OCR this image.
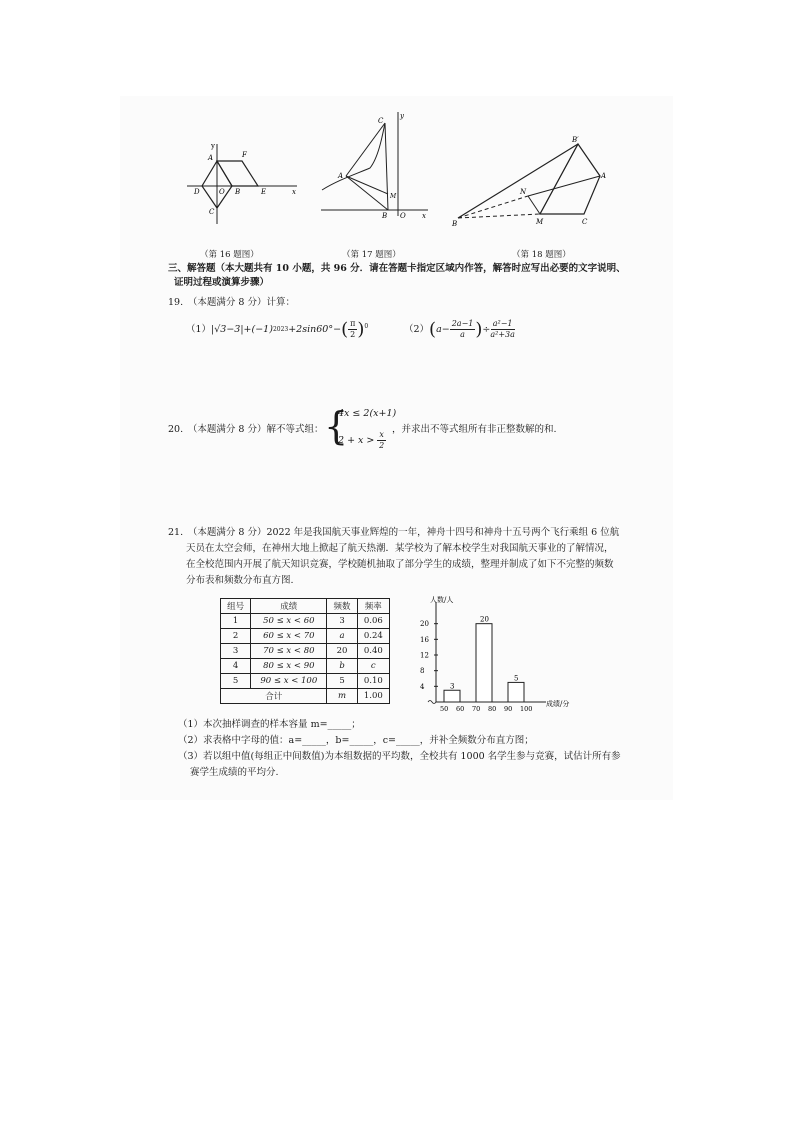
y
A	F
D	O B	E	x
C
y
C
A
M
B O x
B′
A
N
B	M	C
（第 16 题图）	（第 17 题图）	（第 18 题图）
三、解答题（本大题共有 10 小题，共 96 分．请在答题卡指定区域内作答，解答时应写出必要的文字说明、
证明过程或演算步骤）
19.　（本题满分 8 分）计算：
（1） |√3−3|+(−1) 2023 +2sin60°− ( $\frac{\pi}{2} )^0$	（2） ( $a - \frac{2a-1}{a}$ ) ÷ $\frac{\text{a²−1}}{\text{a²+3a}}$
20.　（本题满分 8 分）解不等式组： {
4x ≤ 2(x+1)
$2 + x > \frac{x}{2}$
，并求出不等式组所有非正整数解的和.
21.　（本题满分 8 分）2022 年是我国航天事业辉煌的一年，神舟十四号和神舟十五号两个飞行乘组 6 位航
天员在太空会师，在神州大地上掀起了航天热潮．某学校为了解本校学生对我国航天事业的了解情况，
在全校范围内开展了航天知识竞赛，学校随机抽取了部分学生的成绩，整理并制成了如下不完整的频数
分布表和频数分布直方图.
组号	成绩	频数	频率
1	50 ≤ x < 60	3	0.06
2	60 ≤ x < 70	a	0.24
3	70 ≤ x < 80	20	0.40
4	80 ≤ x < 90	b	c
5	90 ≤ x < 100	5	0.10
合计		m	1.00
人数/人
成绩/分
4
8
12
16
20
50 60 70 80 90 100
3
20
5
（1）本次抽样调查的样本容量 m=_____；
（2）求表格中字母的值：a=_____，b=_____，c=_____，并补全频数分布直方图；
（3）若以组中值(每组正中间数值)为本组数据的平均数，全校共有 1000 名学生参与竞赛，试估计所有参
赛学生成绩的平均分.
